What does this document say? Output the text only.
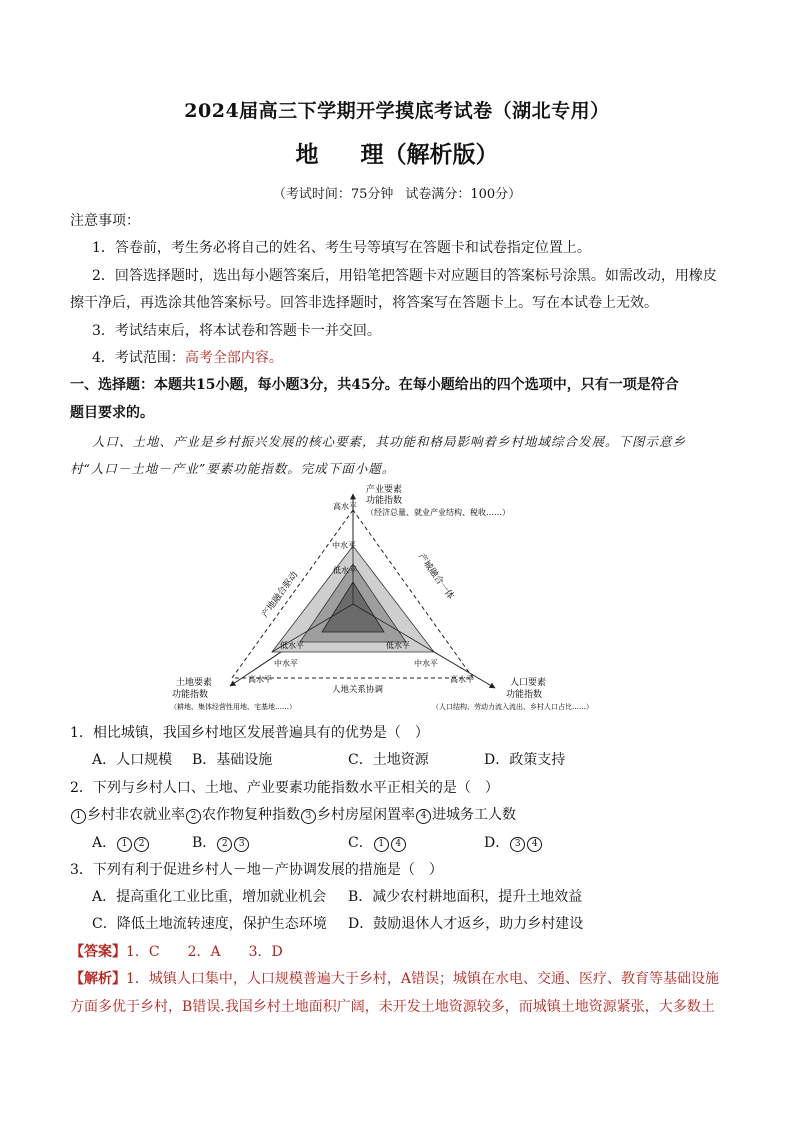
2024届高三下学期开学摸底考试卷（湖北专用）
地 理（解析版）
（考试时间：75分钟 试卷满分：100分）
注意事项：
1．答卷前，考生务必将自己的姓名、考生号等填写在答题卡和试卷指定位置上。
2．回答选择题时，选出每小题答案后，用铅笔把答题卡对应题目的答案标号涂黑。如需改动，用橡皮
擦干净后，再选涂其他答案标号。回答非选择题时，将答案写在答题卡上。写在本试卷上无效。
3．考试结束后，将本试卷和答题卡一并交回。
4．考试范围：高考全部内容。
一、选择题：本题共15小题，每小题3分，共45分。在每小题给出的四个选项中，只有一项是符合
题目要求的。
人口、土地、产业是乡村振兴发展的核心要素，其功能和格局影响着乡村地域综合发展。下图示意乡
村“人口－土地－产业”要素功能指数。完成下面小题。
产业要素
功能指数
（经济总量、就业产业结构、税收……）
高水平
中水平
低水平
低水平	低水平
中水平	中水平
高水平	高水平
产地融合驱动	产城融合一体
人地关系协调
土地要素
功能指数
（耕地、集体经营性用地、宅基地……）
人口要素
功能指数
（人口结构、劳动力流入流出、乡村人口占比……）
1．相比城镇，我国乡村地区发展普遍具有的优势是（　）
A．人口规模 B．基础设施	C．土地资源	D．政策支持
2．下列与乡村人口、土地、产业要素功能指数水平正相关的是（　）
1 乡村非农就业率 2 农作物复种指数 3 乡村房屋闲置率 4 进城务工人数
A． 1 2	B． 2 3	C． 1 4	D． 3 4
3．下列有利于促进乡村人－地－产协调发展的措施是（　）
A．提高重化工业比重，增加就业机会 B．减少农村耕地面积，提升土地效益
C．降低土地流转速度，保护生态环境 D．鼓励退休人才返乡，助力乡村建设
【答案】1．C　　2．A　　3．D
【解析】1．城镇人口集中，人口规模普遍大于乡村，A错误；城镇在水电、交通、医疗、教育等基础设施
方面多优于乡村，B错误.我国乡村土地面积广阔，未开发土地资源较多，而城镇土地资源紧张，大多数土
